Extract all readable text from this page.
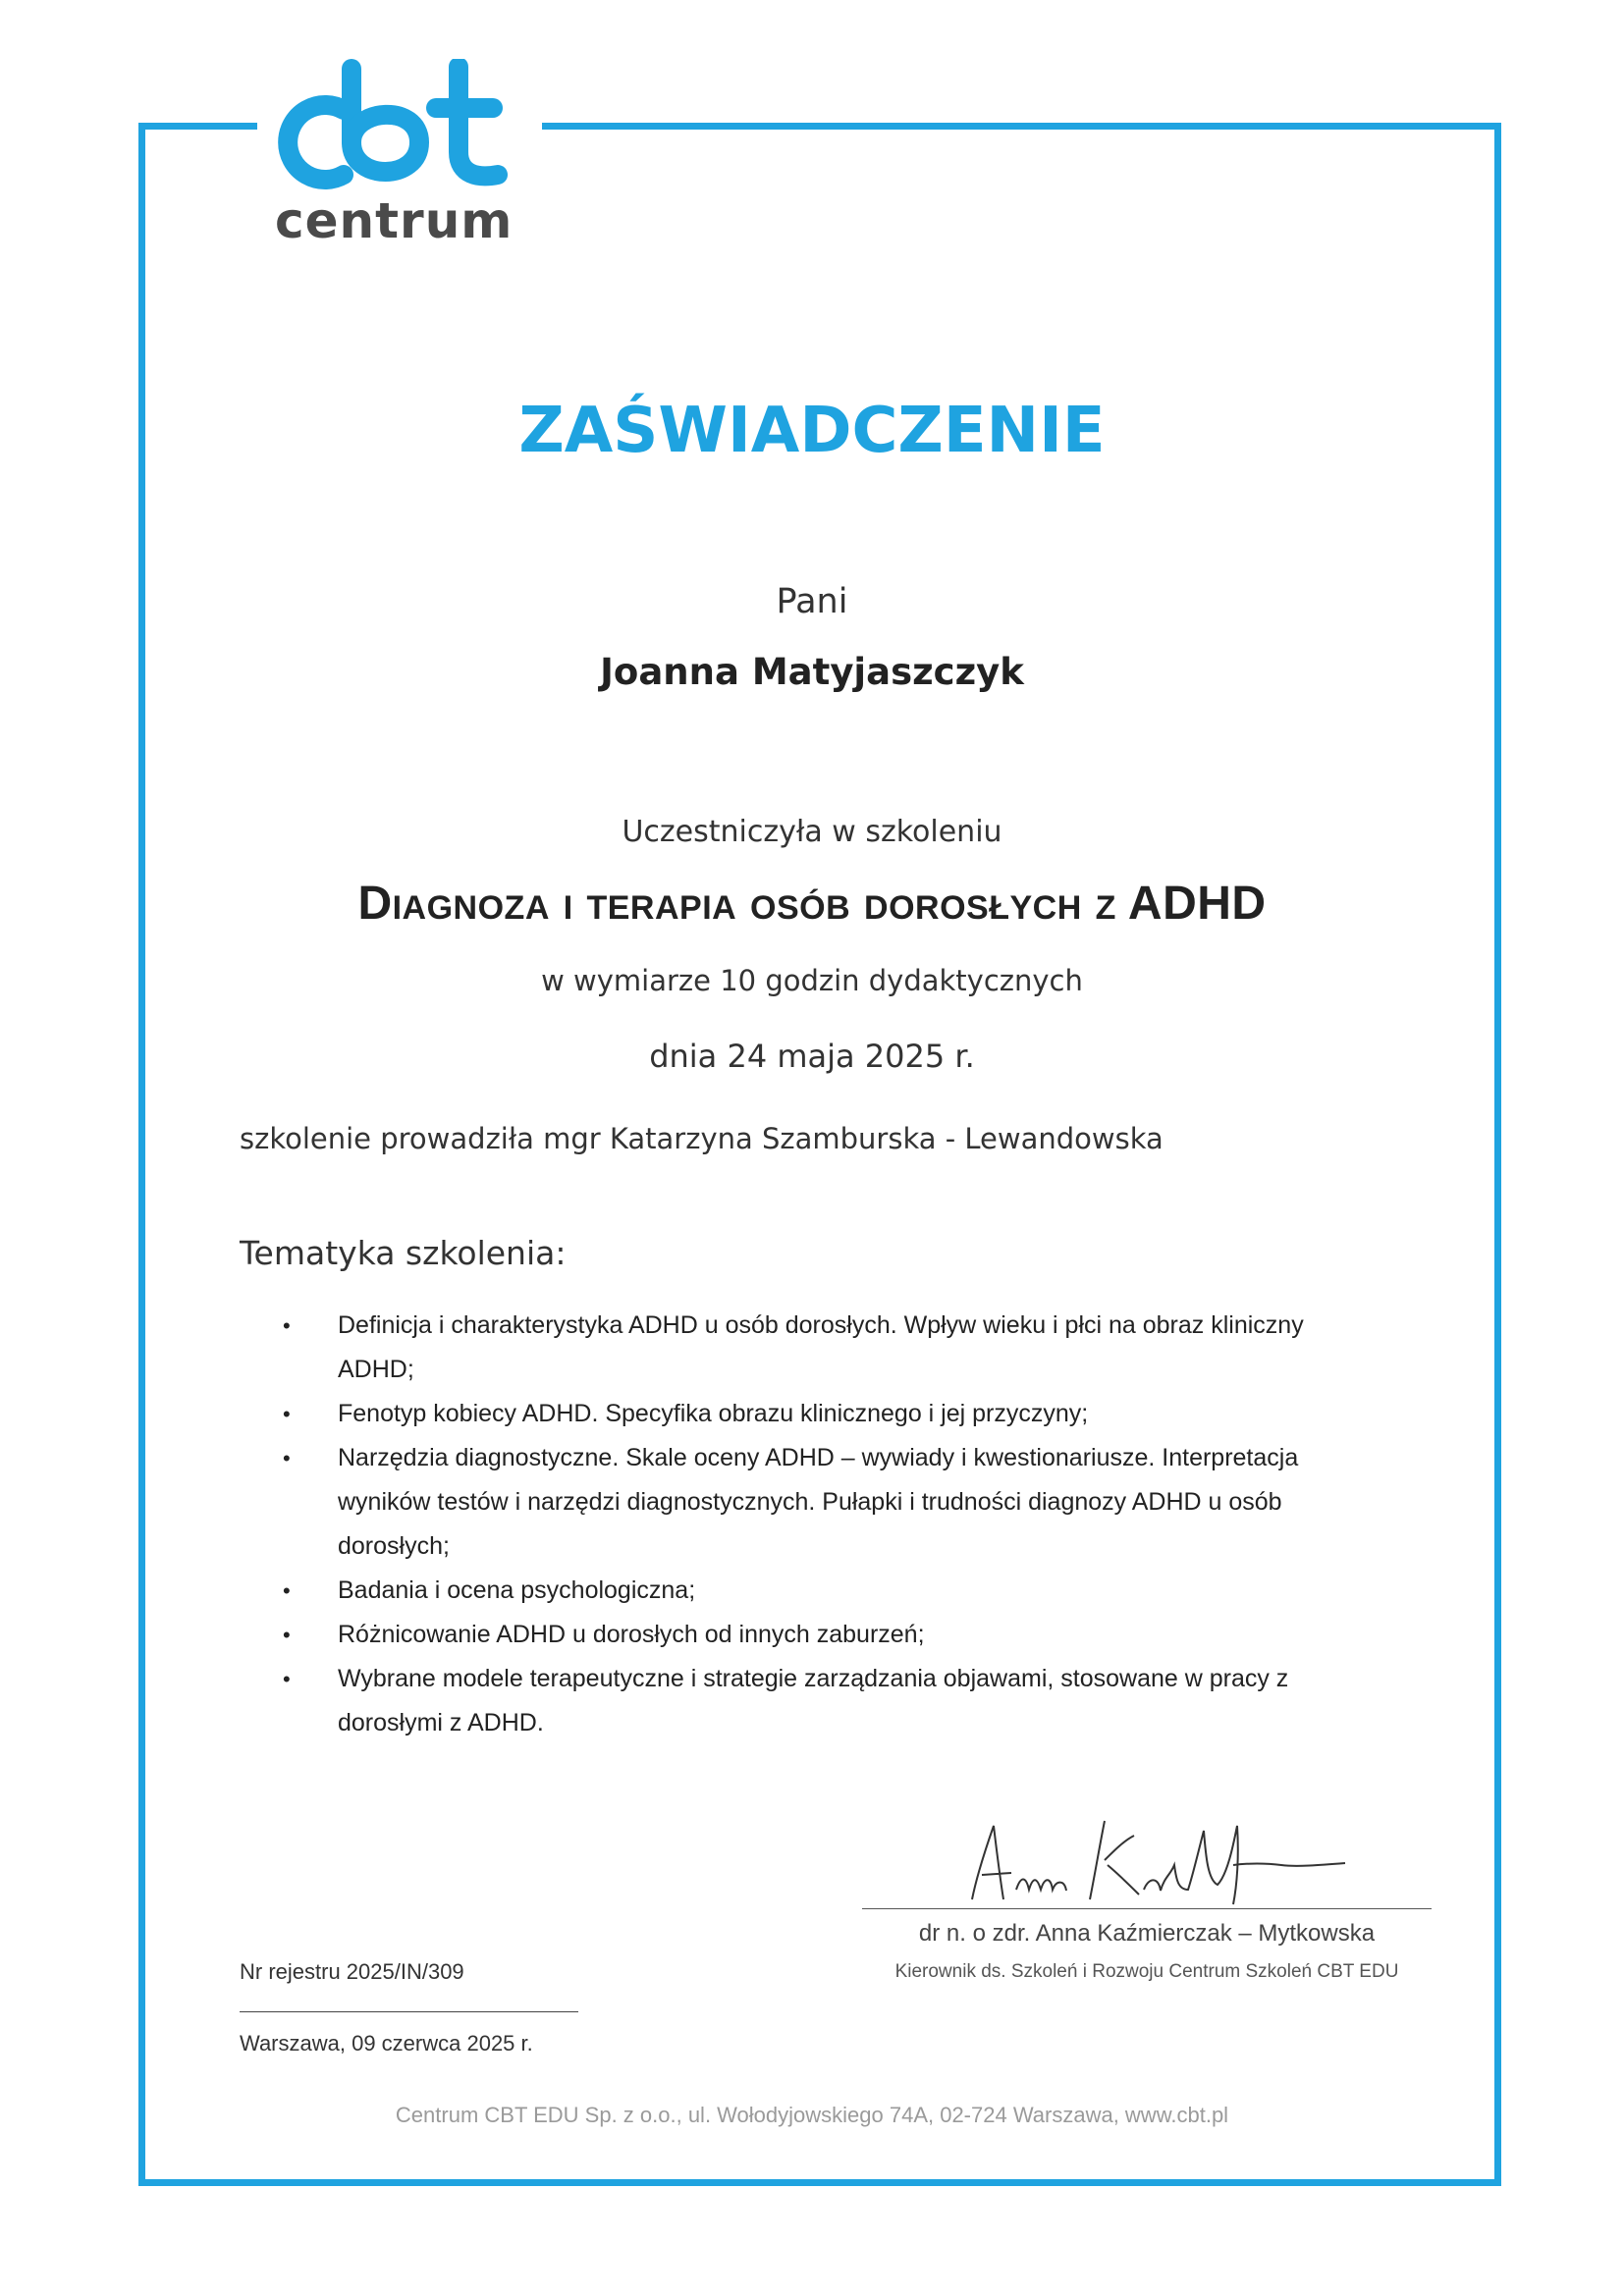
centrum
ZAŚWIADCZENIE
Pani
Joanna Matyjaszczyk
Uczestniczyła w szkoleniu
Diagnoza i terapia osób dorosłych z ADHD
w wymiarze 10 godzin dydaktycznych
dnia 24 maja 2025 r.
szkolenie prowadziła mgr Katarzyna Szamburska - Lewandowska
Tematyka szkolenia:
• Definicja i charakterystyka ADHD u osób dorosłych. Wpływ wieku i płci na obraz kliniczny ADHD;
• Fenotyp kobiecy ADHD. Specyfika obrazu klinicznego i jej przyczyny;
• Narzędzia diagnostyczne. Skale oceny ADHD – wywiady i kwestionariusze. Interpretacja wyników testów i narzędzi diagnostycznych. Pułapki i trudności diagnozy ADHD u osób dorosłych;
• Badania i ocena psychologiczna;
• Różnicowanie ADHD u dorosłych od innych zaburzeń;
• Wybrane modele terapeutyczne i strategie zarządzania objawami, stosowane w pracy z dorosłymi z ADHD.
dr n. o zdr. Anna Kaźmierczak – Mytkowska
Kierownik ds. Szkoleń i Rozwoju Centrum Szkoleń CBT EDU
Nr rejestru 2025/IN/309
Warszawa, 09 czerwca 2025 r.
Centrum CBT EDU Sp. z o.o., ul. Wołodyjowskiego 74A, 02-724 Warszawa, www.cbt.pl
